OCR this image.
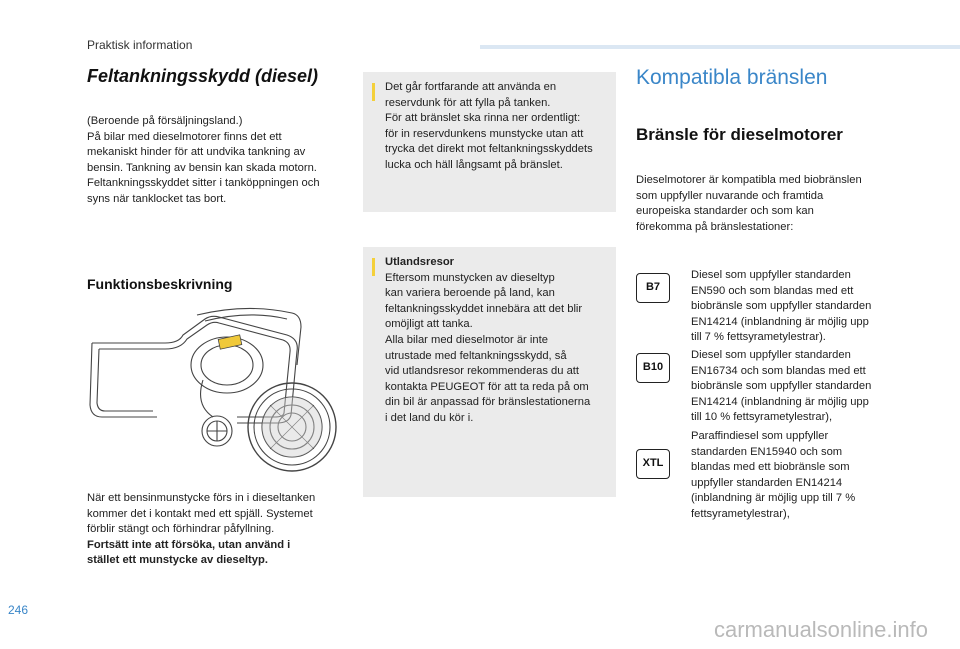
Praktisk information
Feltankningsskydd (diesel)
(Beroende på försäljningsland.)
På bilar med dieselmotorer finns det ett
mekaniskt hinder för att undvika tankning av
bensin. Tankning av bensin kan skada motorn.
Feltankningsskyddet sitter i tanköppningen och
syns när tanklocket tas bort.
Funktionsbeskrivning
När ett bensinmunstycke förs in i dieseltanken
kommer det i kontakt med ett spjäll. Systemet
förblir stängt och förhindrar påfyllning.
Fortsätt inte att försöka, utan använd i
stället ett munstycke av dieseltyp.
Det går fortfarande att använda en
reservdunk för att fylla på tanken.
För att bränslet ska rinna ner ordentligt:
för in reservdunkens munstycke utan att
trycka det direkt mot feltankningsskyddets
lucka och häll långsamt på bränslet.
Utlandsresor
Eftersom munstycken av dieseltyp
kan variera beroende på land, kan
feltankningsskyddet innebära att det blir
omöjligt att tanka.
Alla bilar med dieselmotor är inte
utrustade med feltankningsskydd, så
vid utlandsresor rekommenderas du att
kontakta PEUGEOT för att ta reda på om
din bil är anpassad för bränslestationerna
i det land du kör i.
Kompatibla bränslen
Bränsle för dieselmotorer
Dieselmotorer är kompatibla med biobränslen
som uppfyller nuvarande och framtida
europeiska standarder och som kan
förekomma på bränslestationer:
B7
Diesel som uppfyller standarden
EN590 och som blandas med ett
biobränsle som uppfyller standarden
EN14214 (inblandning är möjlig upp
till 7 % fettsyrametylestrar).
B10
Diesel som uppfyller standarden
EN16734 och som blandas med ett
biobränsle som uppfyller standarden
EN14214 (inblandning är möjlig upp
till 10 % fettsyrametylestrar),
XTL
Paraffindiesel som uppfyller
standarden EN15940 och som
blandas med ett biobränsle som
uppfyller standarden EN14214
(inblandning är möjlig upp till 7 %
fettsyrametylestrar),
246
carmanualsonline.info
